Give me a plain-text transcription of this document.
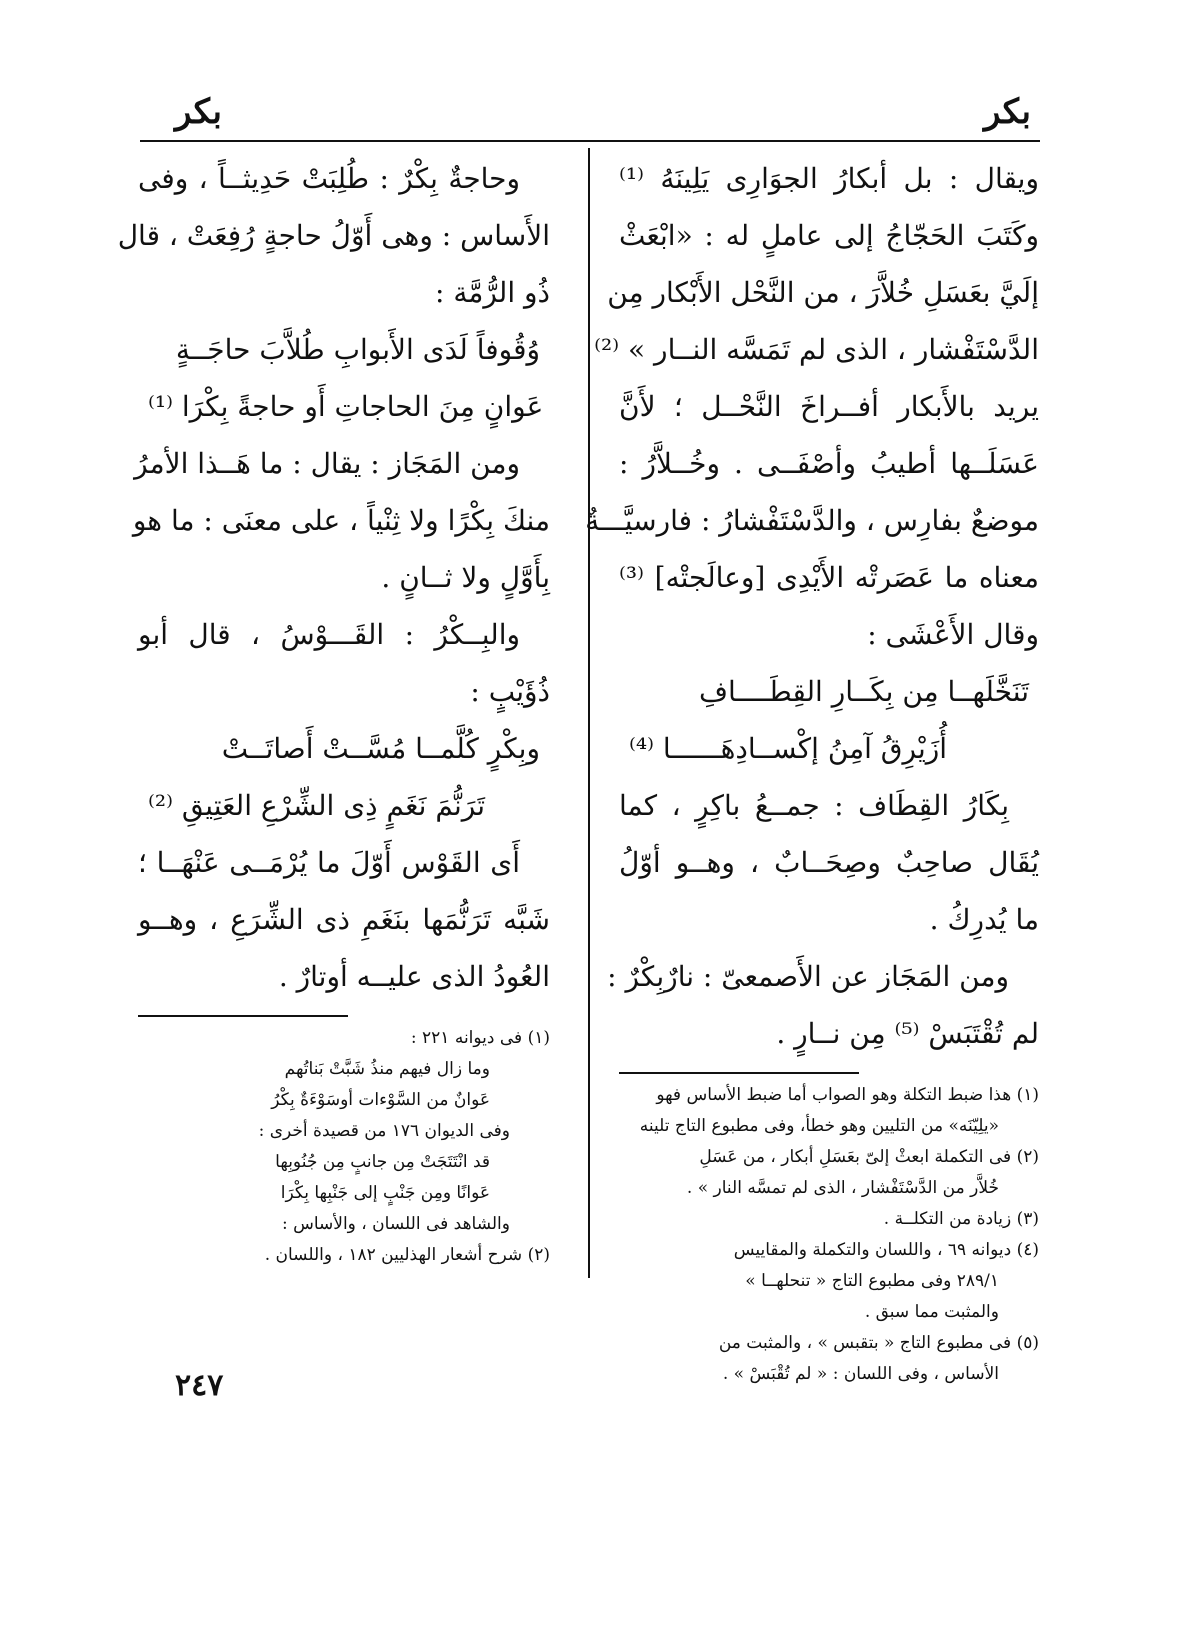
بكر
بكر
ويقال : بل أبكارُ الجوَارِى يَلِينَهُ ⁽¹⁾
وكَتَبَ الحَجّاجُ إلى عاملٍ له : «ابْعَثْ
إلَيَّ بعَسَلِ خُلاَّرَ ، من النَّحْل الأَبْكار مِن
الدَّسْتَفْشار ، الذى لم تَمَسَّه النــار » ⁽²⁾
يريد بالأَبكار أفــراخَ النَّحْــل ؛ لأَنَّ
عَسَلَــها أطيبُ وأصْفَــى . وخُــلاَّرُ :
موضعٌ بفارِس ، والدَّسْتَفْشارُ : فارسيَّـــةٌ
معناه ما عَصَرتْه الأَيْدِى [وعالَجتْه] ⁽³⁾
وقال الأَعْشَى :
تَنَخَّلَهــا مِن بِكَــارِ القِطَــــافِ
أُزَيْرِقُ آمِنُ إكْســادِهَــــــا ⁽⁴⁾
بِكَارُ القِطَاف : جمــعُ باكِرٍ ، كما
يُقَال صاحِبٌ وصِحَــابٌ ، وهــو أوّلُ
ما يُدرِكُ .
ومن المَجَاز عن الأَصمعىّ : نارٌبِكْرٌ :
لم تُقْتَبَسْ ⁽⁵⁾ مِن نــارٍ .
(١) هذا ضبط التكلة وهو الصواب أما ضبط الأساس فهو
«يلِيّنَه» من التليين وهو خطأ، وفى مطبوع التاج تلينه
(٢) فى التكملة ابعثْ إلىّ بعَسَلِ أبكار ، من عَسَلِ
خُلاَّر من الدَّسْتَفْشار ، الذى لم تمسَّه النار » .
(٣) زيادة من التكلــة .
(٤) ديوانه ٦٩ ، واللسان والتكملة والمقاييس
٢٨٩/١ وفى مطبوع التاج « تنحلهــا »
والمثبت مما سبق .
(٥) فى مطبوع التاج « بتقبس » ، والمثبت من
الأساس ، وفى اللسان : « لم تُقْبَسْ » .
وحاجةٌ بِكْرٌ : طُلِبَتْ حَدِيثــاً ، وفى
الأَساس : وهى أَوّلُ حاجةٍ رُفِعَتْ ، قال
ذُو الرُّمَّة :
وُقُوفاً لَدَى الأَبوابِ طُلاَّبَ حاجَــةٍ
عَوانٍ مِنَ الحاجاتِ أَو حاجةً بِكْرَا ⁽¹⁾
ومن المَجَاز : يقال : ما هَــذا الأمرُ
منكَ بِكْرًا ولا ثِنْياً ، على معنَى : ما هو
بِأَوَّلٍ ولا ثــانٍ .
والبِــكْرُ : القَـــوْسُ ، قال أبو
ذُؤَيْبٍ :
وبِكْرٍ كُلَّمــا مُسَّــتْ أَصاتَــتْ
تَرَنُّمَ نَغَمٍ ذِى الشِّرْعِ العَتِيقِ ⁽²⁾
أَى القَوْس أَوّلَ ما يُرْمَــى عَنْهَــا ؛
شَبَّه تَرَنُّمَها بنَغَمِ ذى الشِّرَعِ ، وهــو
العُودُ الذى عليــه أوتارٌ .
(١) فى ديوانه ٢٢١ :
وما زال فيهم منذُ شَبَّتْ بَناتُهم
عَوانٌ من السَّوْءات أوسَوْءَةٌ بِكْرُ
وفى الديوان ١٧٦ من قصيدة أخرى :
قد انْتَتَجَتْ مِن جانبٍ مِن جُنُوبِها
عَوانًا ومِن جَنْبٍ إلى جَنْبِها بِكْرَا
والشاهد فى اللسان ، والأساس :
(٢) شرح أشعار الهذليين ١٨٢ ، واللسان .
٢٤٧
